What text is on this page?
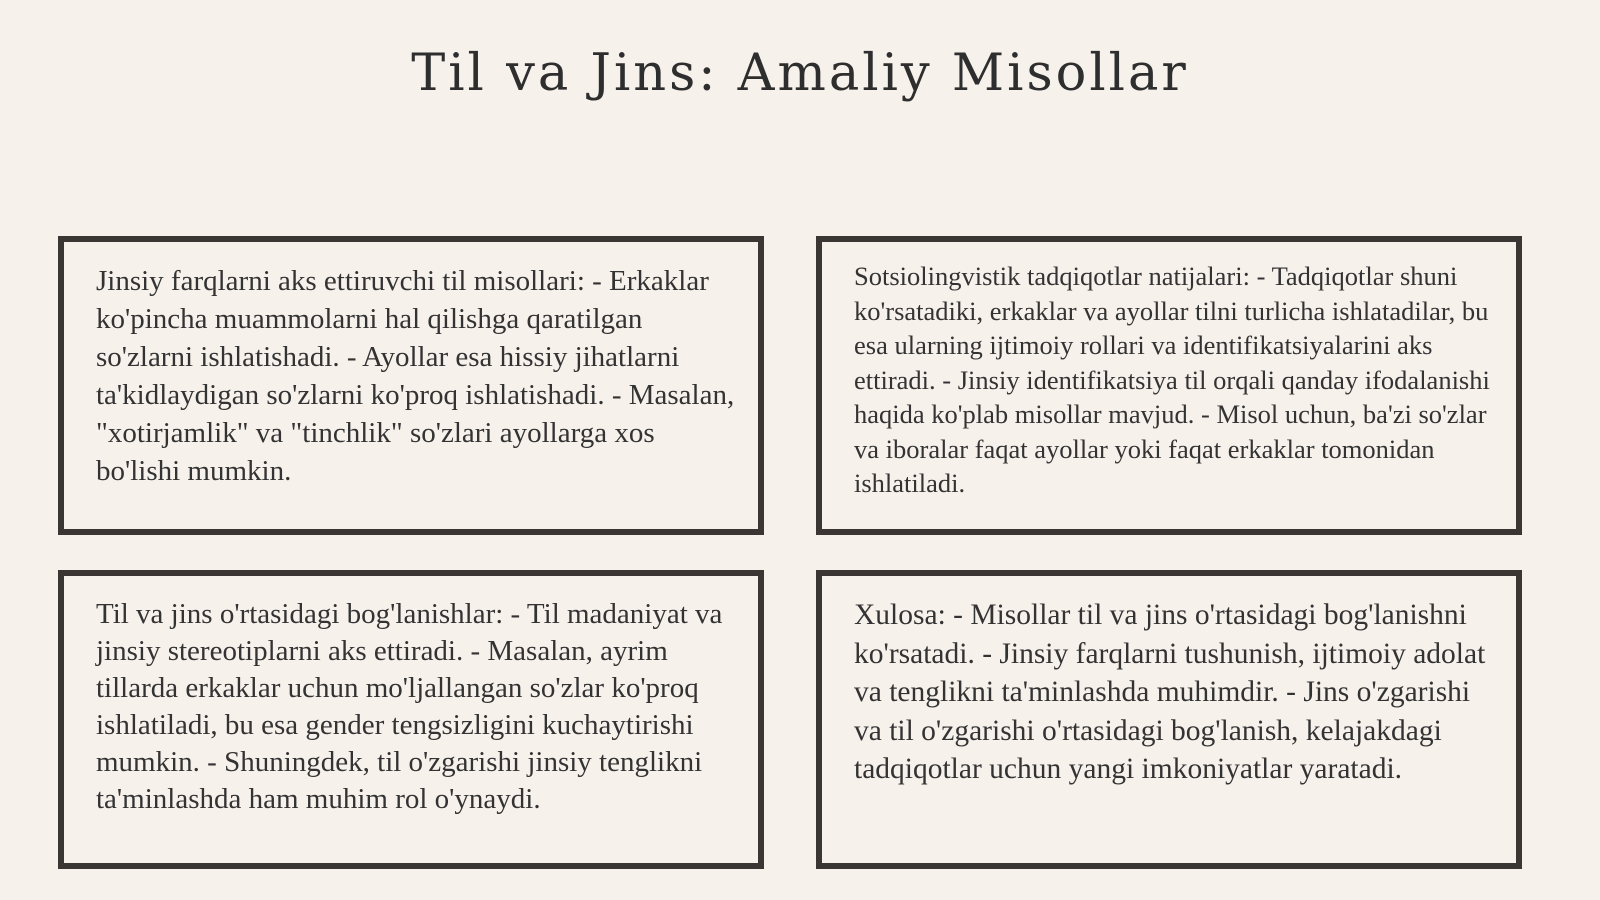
Til va Jins: Amaliy Misollar

Jinsiy farqlarni aks ettiruvchi til misollari: - Erkaklar ko'pincha muammolarni hal qilishga qaratilgan so'zlarni ishlatishadi. - Ayollar esa hissiy jihatlarni ta'kidlaydigan so'zlarni ko'proq ishlatishadi. - Masalan, "xotirjamlik" va "tinchlik" so'zlari ayollarga xos bo'lishi mumkin.

Sotsiolingvistik tadqiqotlar natijalari: - Tadqiqotlar shuni ko'rsatadiki, erkaklar va ayollar tilni turlicha ishlatadilar, bu esa ularning ijtimoiy rollari va identifikatsiyalarini aks ettiradi. - Jinsiy identifikatsiya til orqali qanday ifodalanishi haqida ko'plab misollar mavjud. - Misol uchun, ba'zi so'zlar va iboralar faqat ayollar yoki faqat erkaklar tomonidan ishlatiladi.

Til va jins o'rtasidagi bog'lanishlar: - Til madaniyat va jinsiy stereotiplarni aks ettiradi. - Masalan, ayrim tillarda erkaklar uchun mo'ljallangan so'zlar ko'proq ishlatiladi, bu esa gender tengsizligini kuchaytirishi mumkin. - Shuningdek, til o'zgarishi jinsiy tenglikni ta'minlashda ham muhim rol o'ynaydi.

Xulosa: - Misollar til va jins o'rtasidagi bog'lanishni ko'rsatadi. - Jinsiy farqlarni tushunish, ijtimoiy adolat va tenglikni ta'minlashda muhimdir. - Jins o'zgarishi va til o'zgarishi o'rtasidagi bog'lanish, kelajakdagi tadqiqotlar uchun yangi imkoniyatlar yaratadi.
